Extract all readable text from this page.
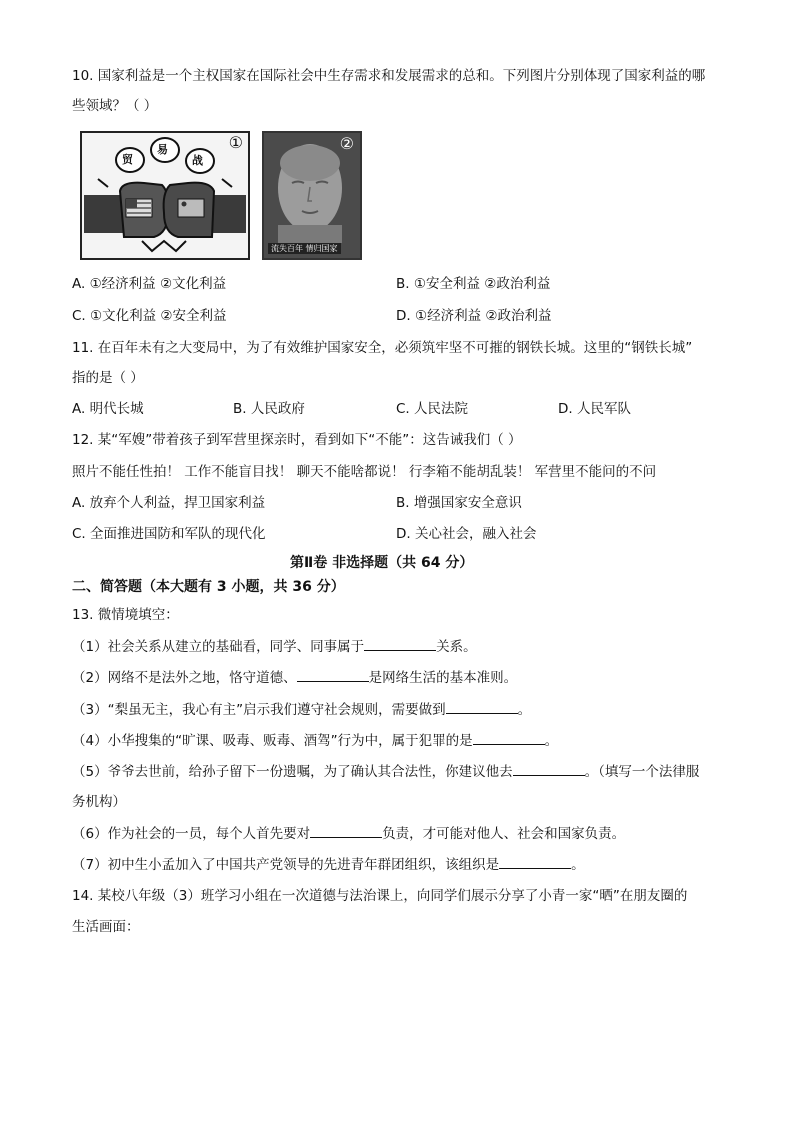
10. 国家利益是一个主权国家在国际社会中生存需求和发展需求的总和。下列图片分别体现了国家利益的哪
些领域？（ ）
贸
易
战
①	②
流失百年 情归国家
A. ①经济利益 ②文化利益	B. ①安全利益 ②政治利益
C. ①文化利益 ②安全利益	D. ①经济利益 ②政治利益
11. 在百年未有之大变局中，为了有效维护国家安全，必须筑牢坚不可摧的钢铁长城。这里的“钢铁长城”
指的是（ ）
A. 明代长城	B. 人民政府	C. 人民法院	D. 人民军队
12. 某“军嫂”带着孩子到军营里探亲时，看到如下“不能”：这告诫我们（ ）
照片不能任性拍！ 工作不能盲目找！ 聊天不能啥都说！ 行李箱不能胡乱装！ 军营里不能问的不问
A. 放弃个人利益，捍卫国家利益	B. 增强国家安全意识
C. 全面推进国防和军队的现代化	D. 关心社会，融入社会
第Ⅱ卷 非选择题（共 64 分）
二、简答题（本大题有 3 小题，共 36 分）
13. 微情境填空：
（1）社会关系从建立的基础看，同学、同事属于	关系。
（2）网络不是法外之地，恪守道德、	是网络生活的基本准则。
（3）“梨虽无主，我心有主”启示我们遵守社会规则，需要做到	。
（4）小华搜集的“旷课、吸毒、贩毒、酒驾”行为中，属于犯罪的是	。
（5）爷爷去世前，给孙子留下一份遗嘱，为了确认其合法性，你建议他去	。（填写一个法律服
务机构）
（6）作为社会的一员，每个人首先要对	负责，才可能对他人、社会和国家负责。
（7）初中生小孟加入了中国共产党领导的先进青年群团组织，该组织是	。
14. 某校八年级（3）班学习小组在一次道德与法治课上，向同学们展示分享了小青一家“晒”在朋友圈的
生活画面：
